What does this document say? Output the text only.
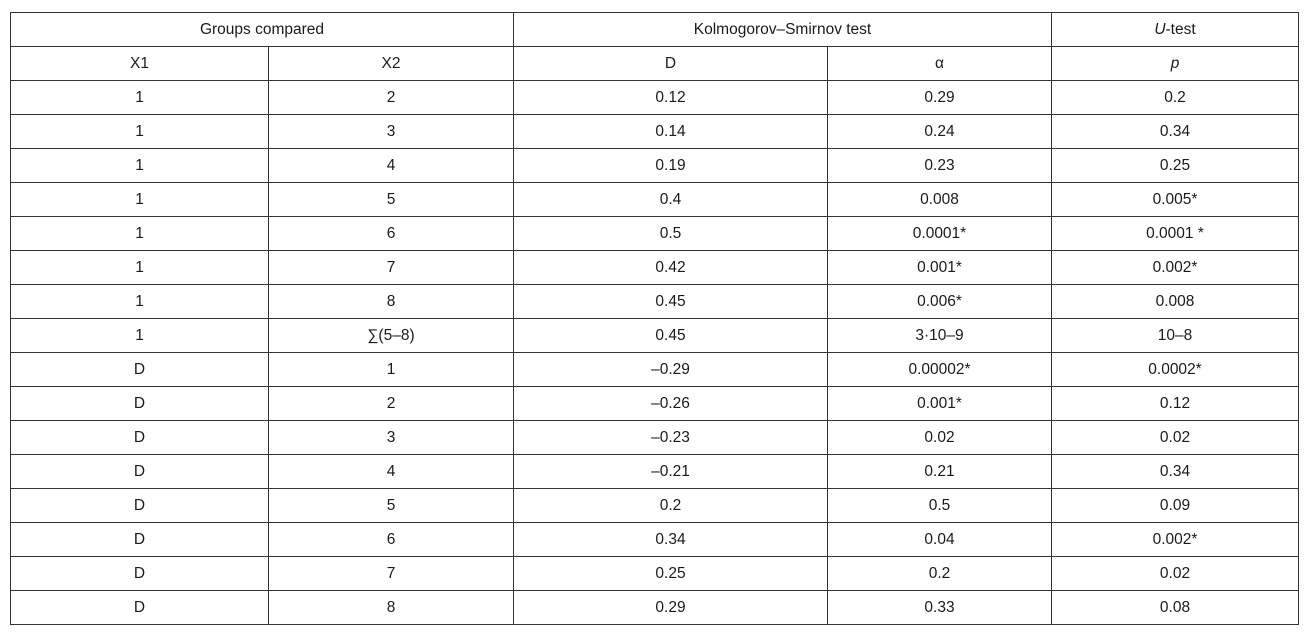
Groups compared		Kolmogorov–Smirnov test		U-test
X1	X2	D	α	p
1	2	0.12	0.29	0.2
1	3	0.14	0.24	0.34
1	4	0.19	0.23	0.25
1	5	0.4	0.008	0.005*
1	6	0.5	0.0001*	0.0001 *
1	7	0.42	0.001*	0.002*
1	8	0.45	0.006*	0.008
1	∑(5–8)	0.45	3·10–9	10–8
D	1	–0.29	0.00002*	0.0002*
D	2	–0.26	0.001*	0.12
D	3	–0.23	0.02	0.02
D	4	–0.21	0.21	0.34
D	5	0.2	0.5	0.09
D	6	0.34	0.04	0.002*
D	7	0.25	0.2	0.02
D	8	0.29	0.33	0.08
